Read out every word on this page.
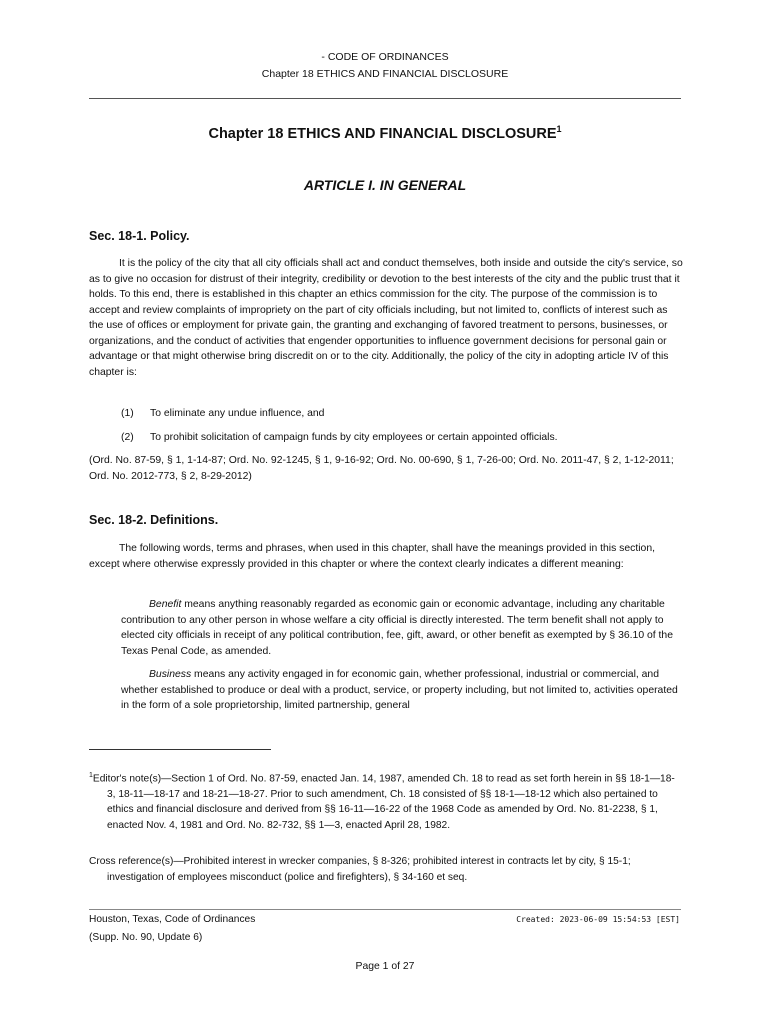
- CODE OF ORDINANCES
Chapter 18 ETHICS AND FINANCIAL DISCLOSURE
Chapter 18 ETHICS AND FINANCIAL DISCLOSURE$^1$
ARTICLE I. IN GENERAL
Sec. 18-1. Policy.

It is the policy of the city that all city officials shall act and conduct themselves, both inside and outside the city's service, so as to give no occasion for distrust of their integrity, credibility or devotion to the best interests of the city and the public trust that it holds. To this end, there is established in this chapter an ethics commission for the city. The purpose of the commission is to accept and review complaints of impropriety on the part of city officials including, but not limited to, conflicts of interest such as the use of offices or employment for private gain, the granting and exchanging of favored treatment to persons, businesses, or organizations, and the conduct of activities that engender opportunities to influence government decisions for personal gain or advantage or that might otherwise bring discredit on or to the city. Additionally, the policy of the city in adopting article IV of this chapter is:

(1) To eliminate any undue influence, and
(2) To prohibit solicitation of campaign funds by city employees or certain appointed officials.

(Ord. No. 87-59, § 1, 1-14-87; Ord. No. 92-1245, § 1, 9-16-92; Ord. No. 00-690, § 1, 7-26-00; Ord. No. 2011-47, § 2, 1-12-2011; Ord. No. 2012-773, § 2, 8-29-2012)

Sec. 18-2. Definitions.

The following words, terms and phrases, when used in this chapter, shall have the meanings provided in this section, except where otherwise expressly provided in this chapter or where the context clearly indicates a different meaning:

Benefit means anything reasonably regarded as economic gain or economic advantage, including any charitable contribution to any other person in whose welfare a city official is directly interested. The term benefit shall not apply to elected city officials in receipt of any political contribution, fee, gift, award, or other benefit as exempted by § 36.10 of the Texas Penal Code, as amended.

Business means any activity engaged in for economic gain, whether professional, industrial or commercial, and whether established to produce or deal with a product, service, or property including, but not limited to, activities operated in the form of a sole proprietorship, limited partnership, general

$^1$Editor's note(s)—Section 1 of Ord. No. 87-59, enacted Jan. 14, 1987, amended Ch. 18 to read as set forth herein in §§ 18-1—18-3, 18-11—18-17 and 18-21—18-27. Prior to such amendment, Ch. 18 consisted of §§ 18-1—18-12 which also pertained to ethics and financial disclosure and derived from §§ 16-11—16-22 of the 1968 Code as amended by Ord. No. 81-2238, § 1, enacted Nov. 4, 1981 and Ord. No. 82-732, §§ 1—3, enacted April 28, 1982.

Cross reference(s)—Prohibited interest in wrecker companies, § 8-326; prohibited interest in contracts let by city, § 15-1; investigation of employees misconduct (police and firefighters), § 34-160 et seq.

Houston, Texas, Code of Ordinances
(Supp. No. 90, Update 6)
Created: 2023-06-09 15:54:53 [EST]
Page 1 of 27
